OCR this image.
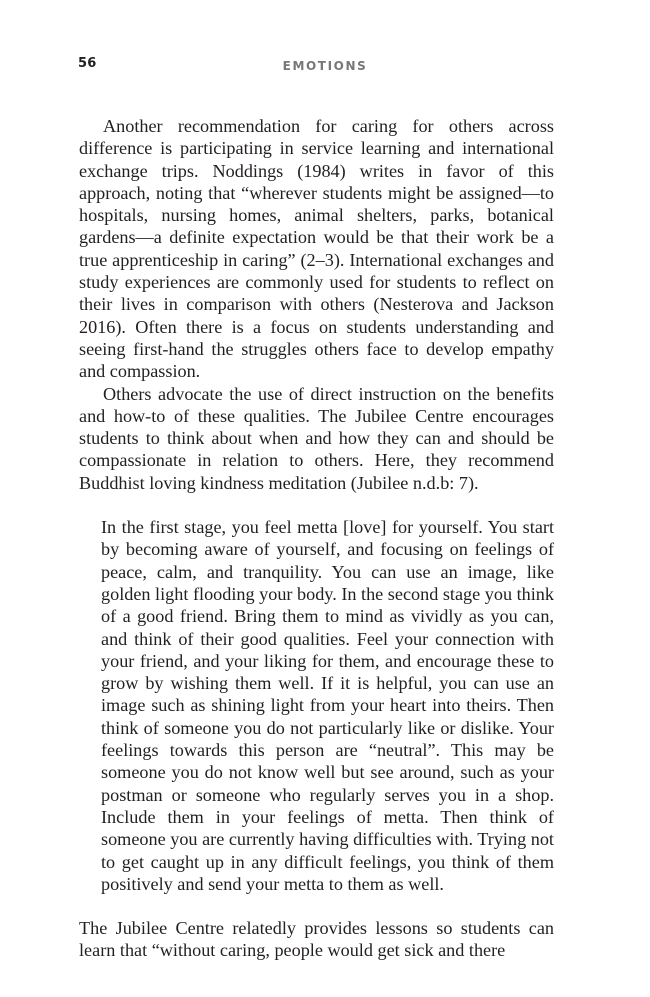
56	EMOTIONS

Another recommendation for caring for others across difference is participating in service learning and international exchange trips. Noddings (1984) writes in favor of this approach, noting that “wherever students might be assigned—to hospitals, nursing homes, animal shelters, parks, botanical gardens—a definite expectation would be that their work be a true apprenticeship in caring” (2–3). International exchanges and study experiences are commonly used for students to reflect on their lives in comparison with others (Nesterova and Jackson 2016). Often there is a focus on students understanding and seeing first-hand the struggles others face to develop empathy and compassion.

Others advocate the use of direct instruction on the benefits and how-to of these qualities. The Jubilee Centre encourages students to think about when and how they can and should be compassionate in relation to others. Here, they recommend Buddhist loving kindness meditation (Jubilee n.d.b: 7).

In the first stage, you feel metta [love] for yourself. You start by becoming aware of yourself, and focusing on feelings of peace, calm, and tranquility. You can use an image, like golden light flooding your body. In the second stage you think of a good friend. Bring them to mind as vividly as you can, and think of their good qualities. Feel your connection with your friend, and your liking for them, and encourage these to grow by wishing them well. If it is helpful, you can use an image such as shining light from your heart into theirs. Then think of someone you do not particularly like or dislike. Your feelings towards this person are “neutral”. This may be someone you do not know well but see around, such as your postman or someone who regularly serves you in a shop. Include them in your feelings of metta. Then think of someone you are currently having difficulties with. Trying not to get caught up in any difficult feelings, you think of them positively and send your metta to them as well.

The Jubilee Centre relatedly provides lessons so students can learn that “without caring, people would get sick and there
